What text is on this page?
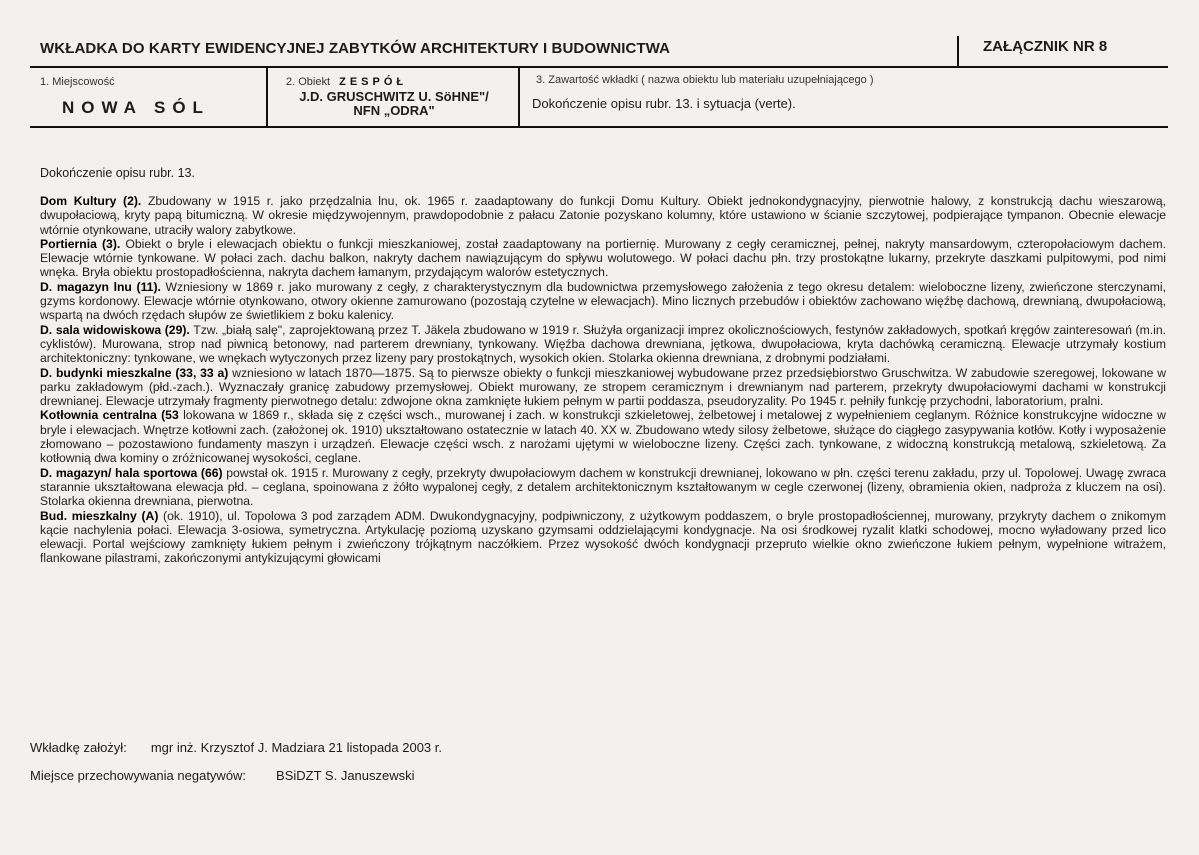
WKŁADKA DO KARTY EWIDENCYJNEJ ZABYTKÓW ARCHITEKTURY I BUDOWNICTWA	ZAŁĄCZNIK NR 8
1. Miejscowość
NOWA SÓL
2. Obiekt ZESPÓŁ
J.D. GRUSCHWITZ U. SöHNE"/
NFN „ODRA"
3. Zawartość wkładki ( nazwa obiektu lub materiału uzupełniającego )
Dokończenie opisu rubr. 13. i sytuacja (verte).
Dokończenie opisu rubr. 13.

Dom Kultury (2). Zbudowany w 1915 r. jako przędzalnia lnu, ok. 1965 r. zaadaptowany do funkcji Domu Kultury. Obiekt jednokondygnacyjny, pierwotnie halowy, z konstrukcją dachu wieszarową, dwupołaciową, kryty papą bitumiczną. W okresie międzywojennym, prawdopodobnie z pałacu Zatonie pozyskano kolumny, które ustawiono w ścianie szczytowej, podpierające tympanon. Obecnie elewacje wtórnie otynkowane, utraciły walory zabytkowe.

Portiernia (3). Obiekt o bryle i elewacjach obiektu o funkcji mieszkaniowej, został zaadaptowany na portiernię. Murowany z cegły ceramicznej, pełnej, nakryty mansardowym, czteropołaciowym dachem. Elewacje wtórnie tynkowane. W połaci zach. dachu balkon, nakryty dachem nawiązującym do spływu wolutowego. W połaci dachu płn. trzy prostokątne lukarny, przekryte daszkami pulpitowymi, pod nimi wnęka. Bryła obiektu prostopadłościenna, nakryta dachem łamanym, przydającym walorów estetycznych.

D. magazyn lnu (11). Wzniesiony w 1869 r. jako murowany z cegły, z charakterystycznym dla budownictwa przemysłowego założenia z tego okresu detalem: wieloboczne lizeny, zwieńczone sterczynami, gzyms kordonowy. Elewacje wtórnie otynkowano, otwory okienne zamurowano (pozostają czytelne w elewacjach). Mino licznych przebudów i obiektów zachowano więźbę dachową, drewnianą, dwupołaciową, wspartą na dwóch rzędach słupów ze świetlikiem z boku kalenicy.

D. sala widowiskowa (29). Tzw. „białą salę", zaprojektowaną przez T. Jäkela zbudowano w 1919 r. Służyła organizacji imprez okolicznościowych, festynów zakładowych, spotkań kręgów zainteresowań (m.in. cyklistów). Murowana, strop nad piwnicą betonowy, nad parterem drewniany, tynkowany. Więźba dachowa drewniana, jętkowa, dwupołaciowa, kryta dachówką ceramiczną. Elewacje utrzymały kostium architektoniczny: tynkowane, we wnękach wytyczonych przez lizeny pary prostokątnych, wysokich okien. Stolarka okienna drewniana, z drobnymi podziałami.

D. budynki mieszkalne (33, 33 a) wzniesiono w latach 1870—1875. Są to pierwsze obiekty o funkcji mieszkaniowej wybudowane przez przedsiębiorstwo Gruschwitza. W zabudowie szeregowej, lokowane w parku zakładowym (płd.-zach.). Wyznaczały granicę zabudowy przemysłowej. Obiekt murowany, ze stropem ceramicznym i drewnianym nad parterem, przekryty dwupołaciowymi dachami w konstrukcji drewnianej. Elewacje utrzymały fragmenty pierwotnego detalu: zdwojone okna zamknięte łukiem pełnym w partii poddasza, pseudoryzality. Po 1945 r. pełniły funkcję przychodni, laboratorium, pralni.

Kotłownia centralna (53 lokowana w 1869 r., składa się z części wsch., murowanej i zach. w konstrukcji szkieletowej, żelbetowej i metalowej z wypełnieniem ceglanym. Różnice konstrukcyjne widoczne w bryle i elewacjach. Wnętrze kotłowni zach. (założonej ok. 1910) ukształtowano ostatecznie w latach 40. XX w. Zbudowano wtedy silosy żelbetowe, służące do ciągłego zasypywania kotłów. Kotły i wyposażenie złomowano – pozostawiono fundamenty maszyn i urządzeń. Elewacje części wsch. z narożami ujętymi w wieloboczne lizeny. Części zach. tynkowane, z widoczną konstrukcją metalową, szkieletową. Za kotłownią dwa kominy o zróżnicowanej wysokości, ceglane.

D. magazyn/ hala sportowa (66) powstał ok. 1915 r. Murowany z cegły, przekryty dwupołaciowym dachem w konstrukcji drewnianej, lokowano w płn. części terenu zakładu, przy ul. Topolowej. Uwagę zwraca starannie ukształtowana elewacja płd. – ceglana, spoinowana z żółto wypalonej cegły, z detalem architektonicznym kształtowanym w cegle czerwonej (lizeny, obramienia okien, nadproża z kluczem na osi). Stolarka okienna drewniana, pierwotna.

Bud. mieszkalny (A) (ok. 1910), ul. Topolowa 3 pod zarządem ADM. Dwukondygnacyjny, podpiwniczony, z użytkowym poddaszem, o bryle prostopadłościennej, murowany, przykryty dachem o znikomym kącie nachylenia połaci. Elewacja 3-osiowa, symetryczna. Artykulację poziomą uzyskano gzymsami oddzielającymi kondygnacje. Na osi środkowej ryzalit klatki schodowej, mocno wyładowany przed lico elewacji. Portal wejściowy zamknięty łukiem pełnym i zwieńczony trójkątnym naczółkiem. Przez wysokość dwóch kondygnacji przepruto wielkie okno zwieńczone łukiem pełnym, wypełnione witrażem, flankowane pilastrami, zakończonymi antykizującymi głowicami

Wkładkę założył: mgr inż. Krzysztof J. Madziara 21 listopada 2003 r.
Miejsce przechowywania negatywów: BSiDZT S. Januszewski
